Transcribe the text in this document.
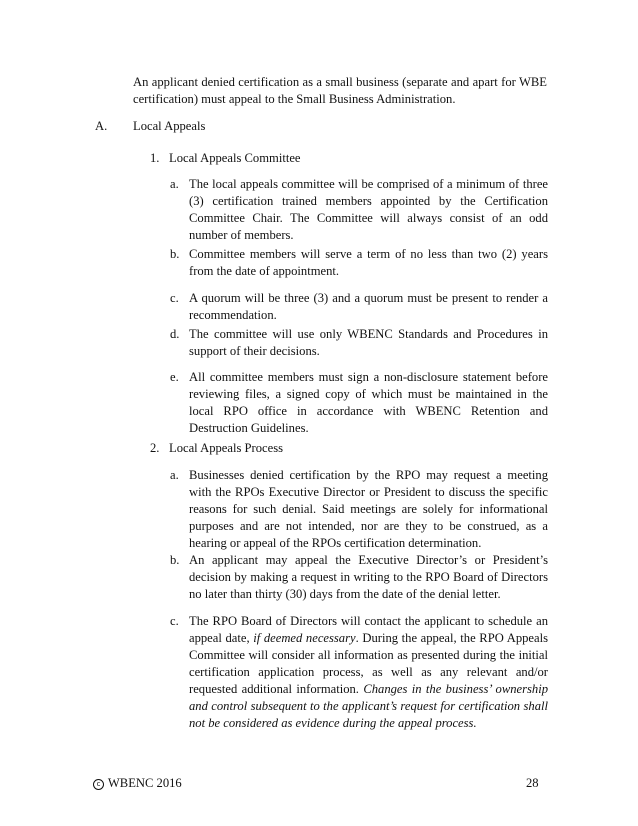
An applicant denied certification as a small business (separate and apart for WBE certification) must appeal to the Small Business Administration.
A. Local Appeals
1. Local Appeals Committee
a. The local appeals committee will be comprised of a minimum of three (3) certification trained members appointed by the Certification Committee Chair. The Committee will always consist of an odd number of members.
b. Committee members will serve a term of no less than two (2) years from the date of appointment.
c. A quorum will be three (3) and a quorum must be present to render a recommendation.
d. The committee will use only WBENC Standards and Procedures in support of their decisions.
e. All committee members must sign a non-disclosure statement before reviewing files, a signed copy of which must be maintained in the local RPO office in accordance with WBENC Retention and Destruction Guidelines.
2. Local Appeals Process
a. Businesses denied certification by the RPO may request a meeting with the RPOs Executive Director or President to discuss the specific reasons for such denial. Said meetings are solely for informational purposes and are not intended, nor are they to be construed, as a hearing or appeal of the RPOs certification determination.
b. An applicant may appeal the Executive Director’s or President’s decision by making a request in writing to the RPO Board of Directors no later than thirty (30) days from the date of the denial letter.
c. The RPO Board of Directors will contact the applicant to schedule an appeal date, if deemed necessary. During the appeal, the RPO Appeals Committee will consider all information as presented during the initial certification application process, as well as any relevant and/or requested additional information. Changes in the business’ ownership and control subsequent to the applicant’s request for certification shall not be considered as evidence during the appeal process.
c WBENC 2016	28
